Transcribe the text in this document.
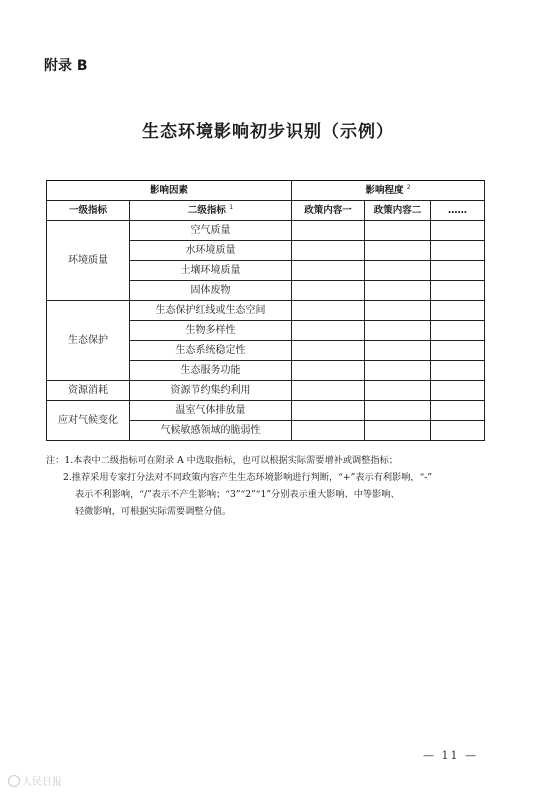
附录 B
生态环境影响初步识别（示例）
影响因素		影响程度 $^2$
一级指标	二级指标 $^1$	政策内容一	政策内容二	……
环境质量	空气质量			
	水环境质量			
	土壤环境质量			
	固体废物			
生态保护	生态保护红线或生态空间			
	生物多样性			
	生态系统稳定性			
	生态服务功能			
资源消耗	资源节约集约利用			
应对气候变化	温室气体排放量			
	气候敏感领域的脆弱性			
注：1.本表中二级指标可在附录 A 中选取指标，也可以根据实际需要增补或调整指标；
2.推荐采用专家打分法对不同政策内容产生生态环境影响进行判断，“+”表示有利影响，“-”
表示不利影响，“/”表示不产生影响；“3”“2”“1”分别表示重大影响、中等影响、
轻微影响，可根据实际需要调整分值。
— 11 —
人民日报
